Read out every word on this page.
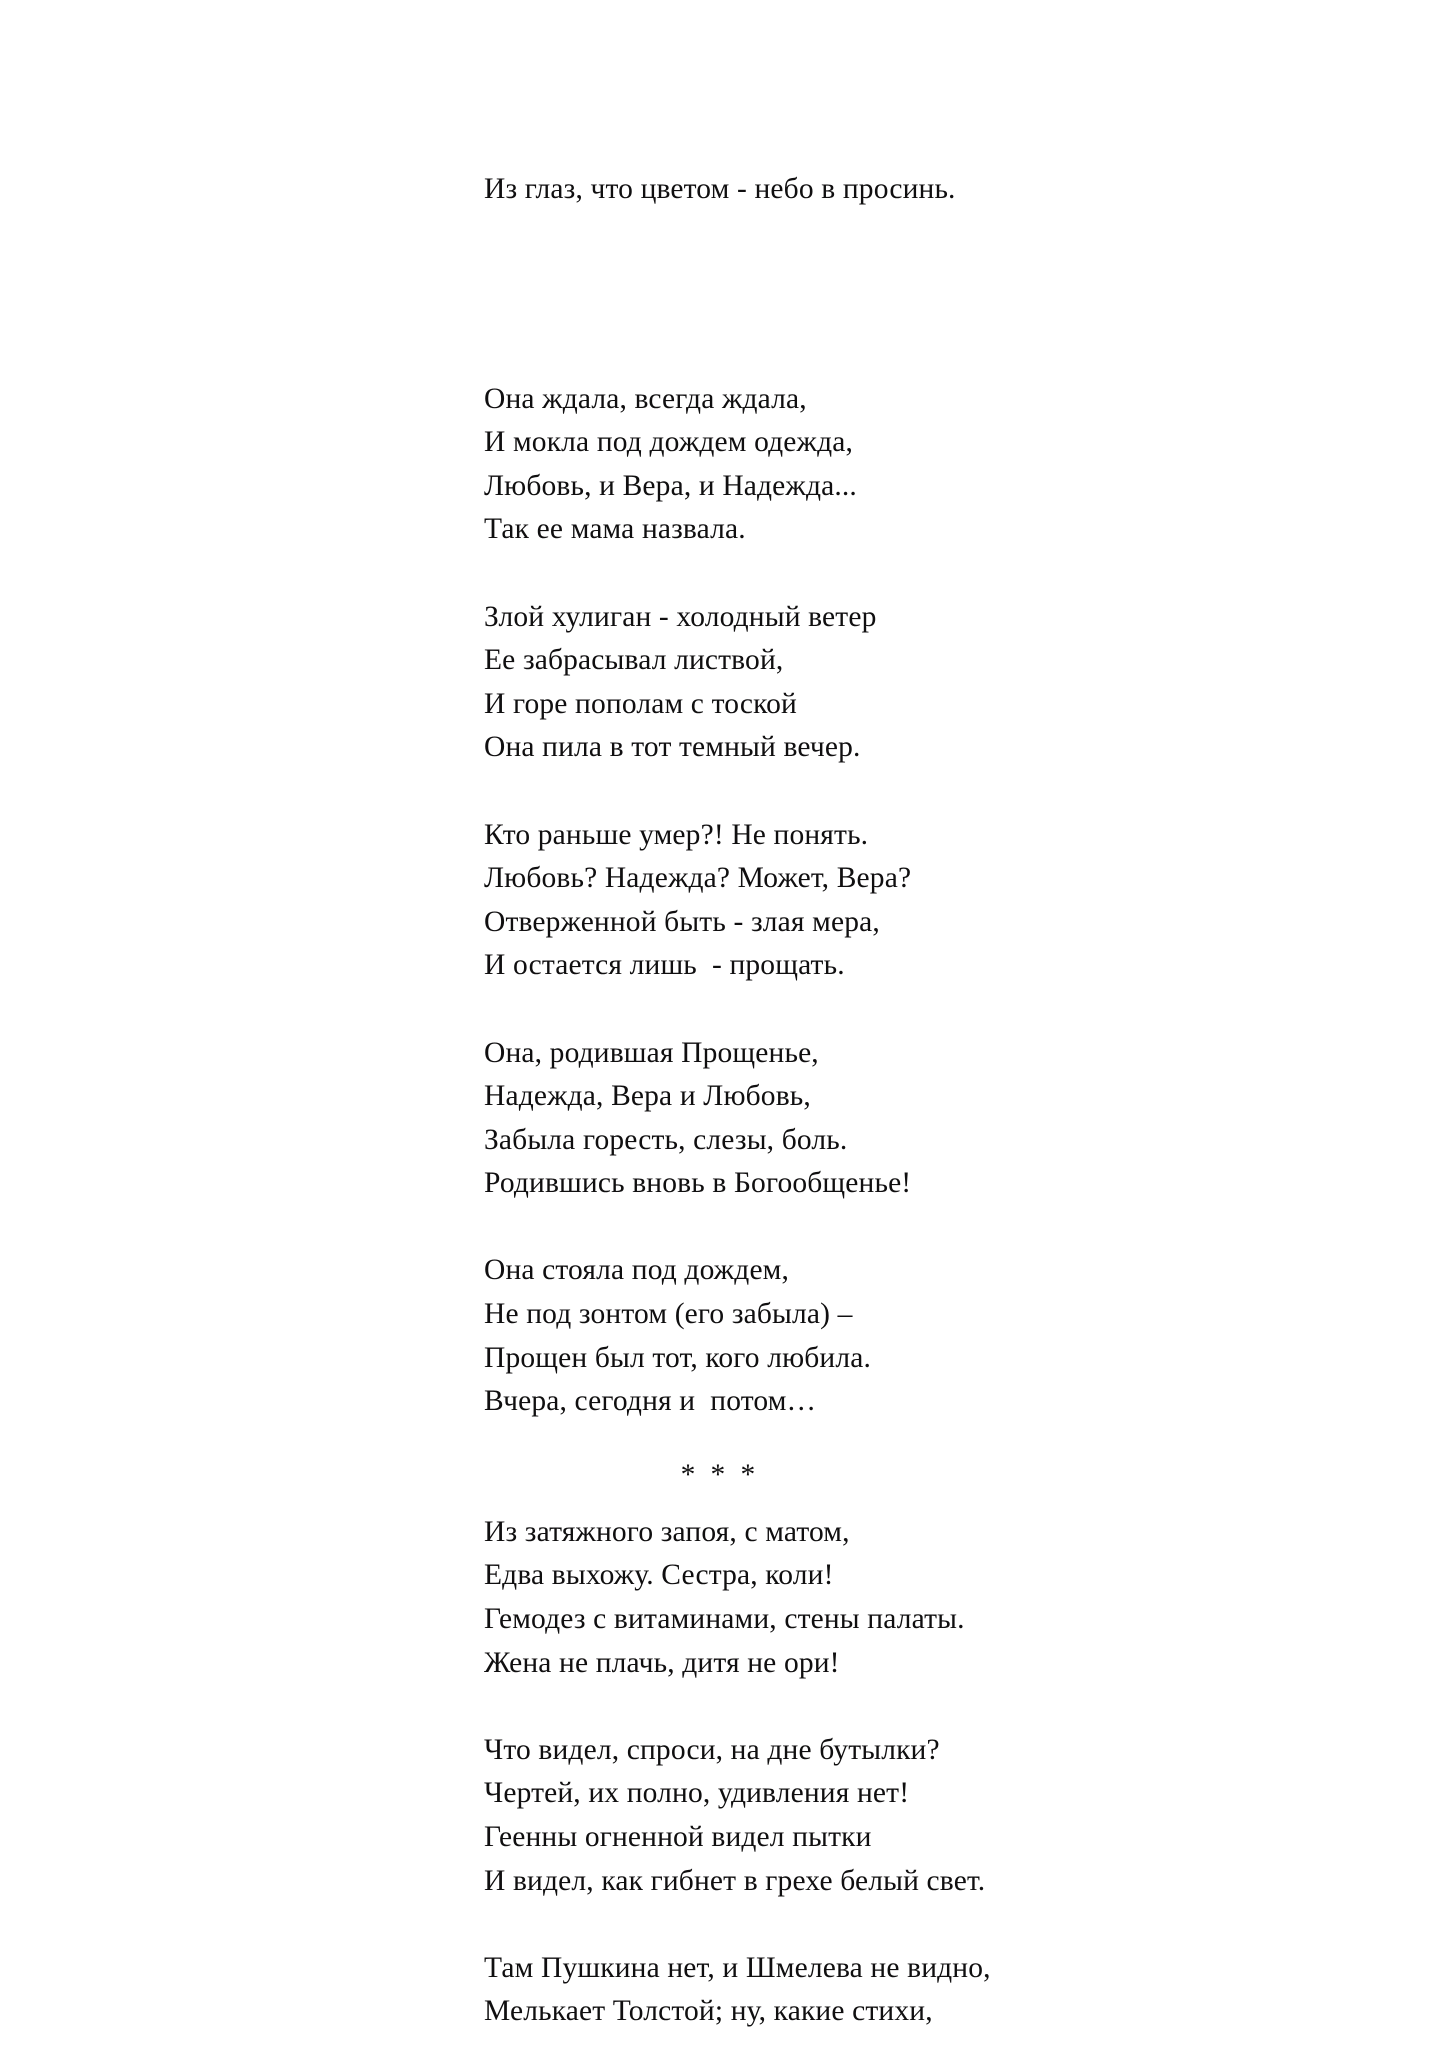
Из глаз, что цветом - небо в просинь.
Она ждала, всегда ждала,
И мокла под дождем одежда,
Любовь, и Вера, и Надежда...
Так ее мама назвала.
Злой хулиган - холодный ветер
Ее забрасывал листвой,
И горе пополам с тоской
Она пила в тот темный вечер.
Кто раньше умер?! Не понять.
Любовь? Надежда? Может, Вера?
Отверженной быть - злая мера,
И остается лишь  - прощать.
Она, родившая Прощенье,
Надежда, Вера и Любовь,
Забыла горесть, слезы, боль.
Родившись вновь в Богообщенье!
Она стояла под дождем,
Не под зонтом (его забыла) –
Прощен был тот, кого любила.
Вчера, сегодня и  потом…
*  *  *
Из затяжного запоя, с матом,
Едва выхожу. Сестра, коли!
Гемодез с витаминами, стены палаты.
Жена не плачь, дитя не ори!
Что видел, спроси, на дне бутылки?
Чертей, их полно, удивления нет!
Геенны огненной видел пытки
И видел, как гибнет в грехе белый свет.
Там Пушкина нет, и Шмелева не видно,
Мелькает Толстой; ну, какие стихи,
